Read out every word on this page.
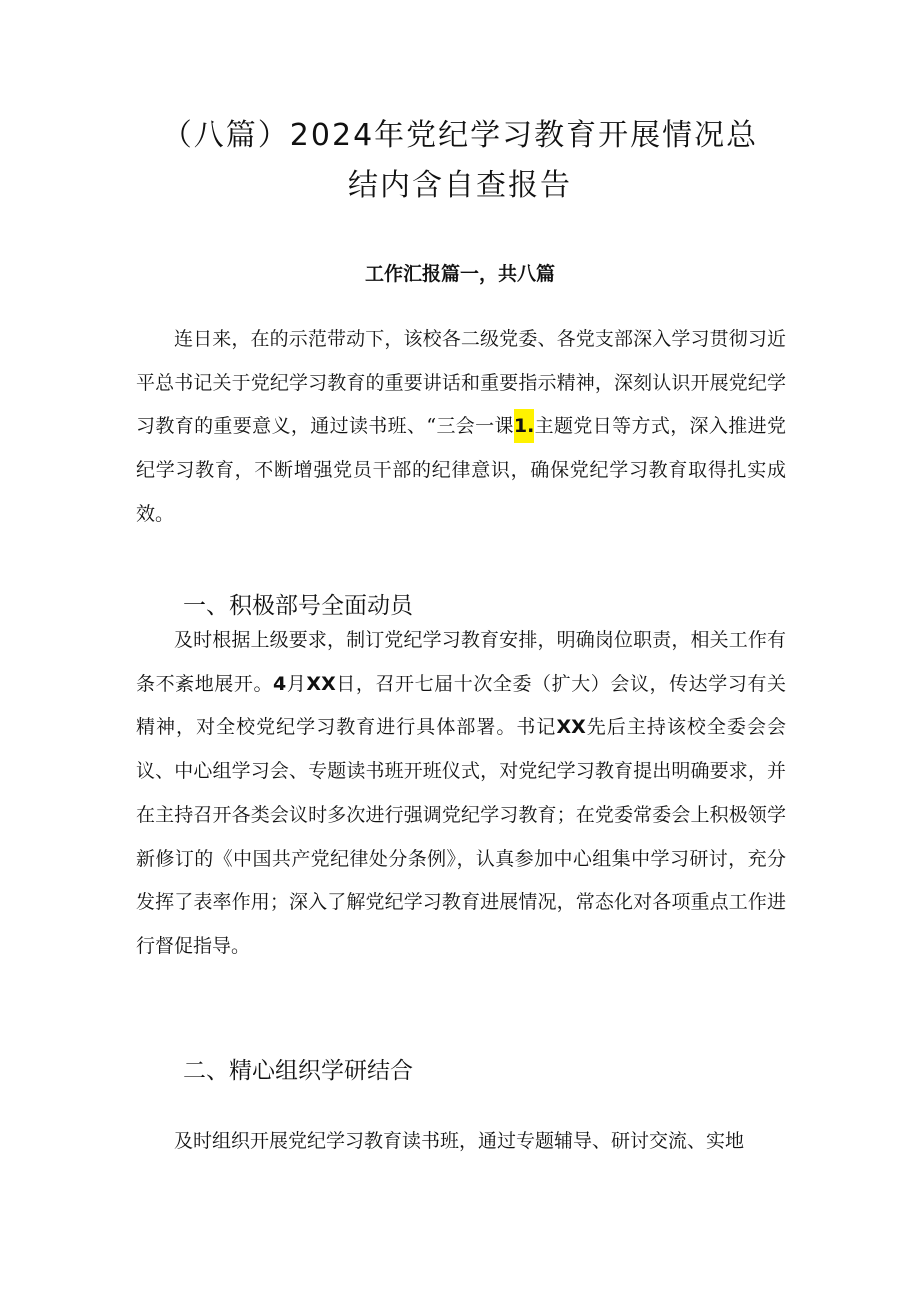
（八篇）2024年党纪学习教育开展情况总
结内含自查报告
工作汇报篇一，共八篇

连日来，在的示范带动下，该校各二级党委、各党支部深入学习贯彻习近平总书记关于党纪学习教育的重要讲话和重要指示精神，深刻认识开展党纪学习教育的重要意义，通过读书班、“三会一课1.主题党日等方式，深入推进党纪学习教育，不断增强党员干部的纪律意识，确保党纪学习教育取得扎实成效。

一、积极部号全面动员

及时根据上级要求，制订党纪学习教育安排，明确岗位职责，相关工作有条不紊地展开。4月XX日，召开七届十次全委（扩大）会议，传达学习有关精神，对全校党纪学习教育进行具体部署。书记XX先后主持该校全委会会议、中心组学习会、专题读书班开班仪式，对党纪学习教育提出明确要求，并在主持召开各类会议时多次进行强调党纪学习教育；在党委常委会上积极领学新修订的《中国共产党纪律处分条例》，认真参加中心组集中学习研讨，充分发挥了表率作用；深入了解党纪学习教育进展情况，常态化对各项重点工作进行督促指导。

二、精心组织学研结合

及时组织开展党纪学习教育读书班，通过专题辅导、研讨交流、实地
